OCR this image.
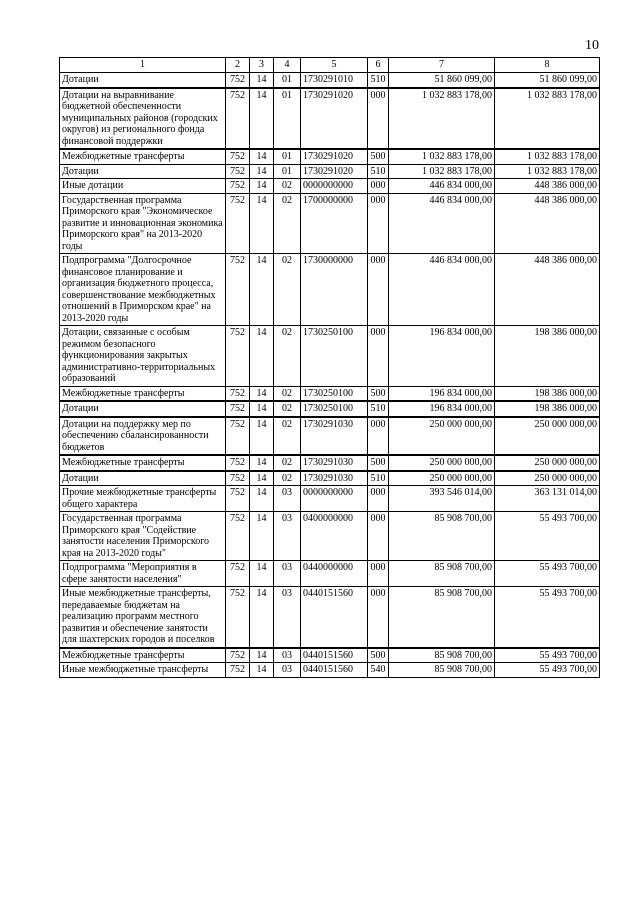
10
1	2	3	4	5	6	7	8
Дотации	752	14	01	1730291010	510	51 860 099,00	51 860 099,00
Дотации на выравнивание бюджетной обеспеченности муниципальных районов (городских округов) из регионального фонда финансовой поддержки	752	14	01	1730291020	000	1 032 883 178,00	1 032 883 178,00
Межбюджетные трансферты	752	14	01	1730291020	500	1 032 883 178,00	1 032 883 178,00
Дотации	752	14	01	1730291020	510	1 032 883 178,00	1 032 883 178,00
Иные дотации	752	14	02	0000000000	000	446 834 000,00	448 386 000,00
Государственная программа Приморского края "Экономическое развитие и инновационная экономика Приморского края" на 2013-2020 годы	752	14	02	1700000000	000	446 834 000,00	448 386 000,00
Подпрограмма "Долгосрочное финансовое планирование и организация бюджетного процесса, совершенствование межбюджетных отношений в Приморском крае" на 2013-2020 годы	752	14	02	1730000000	000	446 834 000,00	448 386 000,00
Дотации, связанные с особым режимом безопасного функционирования закрытых административно-территориальных образований	752	14	02	1730250100	000	196 834 000,00	198 386 000,00
Межбюджетные трансферты	752	14	02	1730250100	500	196 834 000,00	198 386 000,00
Дотации	752	14	02	1730250100	510	196 834 000,00	198 386 000,00
Дотации на поддержку мер по обеспечению сбалансированности бюджетов	752	14	02	1730291030	000	250 000 000,00	250 000 000,00
Межбюджетные трансферты	752	14	02	1730291030	500	250 000 000,00	250 000 000,00
Дотации	752	14	02	1730291030	510	250 000 000,00	250 000 000,00
Прочие межбюджетные трансферты общего характера	752	14	03	0000000000	000	393 546 014,00	363 131 014,00
Государственная программа Приморского края "Содействие занятости населения Приморского края на 2013-2020 годы"	752	14	03	0400000000	000	85 908 700,00	55 493 700,00
Подпрограмма "Мероприятия в сфере занятости населения"	752	14	03	0440000000	000	85 908 700,00	55 493 700,00
Иные межбюджетные трансферты, передаваемые бюджетам на реализацию программ местного развития и обеспечение занятости для шахтерских городов и поселков	752	14	03	0440151560	000	85 908 700,00	55 493 700,00
Межбюджетные трансферты	752	14	03	0440151560	500	85 908 700,00	55 493 700,00
Иные межбюджетные трансферты	752	14	03	0440151560	540	85 908 700,00	55 493 700,00
